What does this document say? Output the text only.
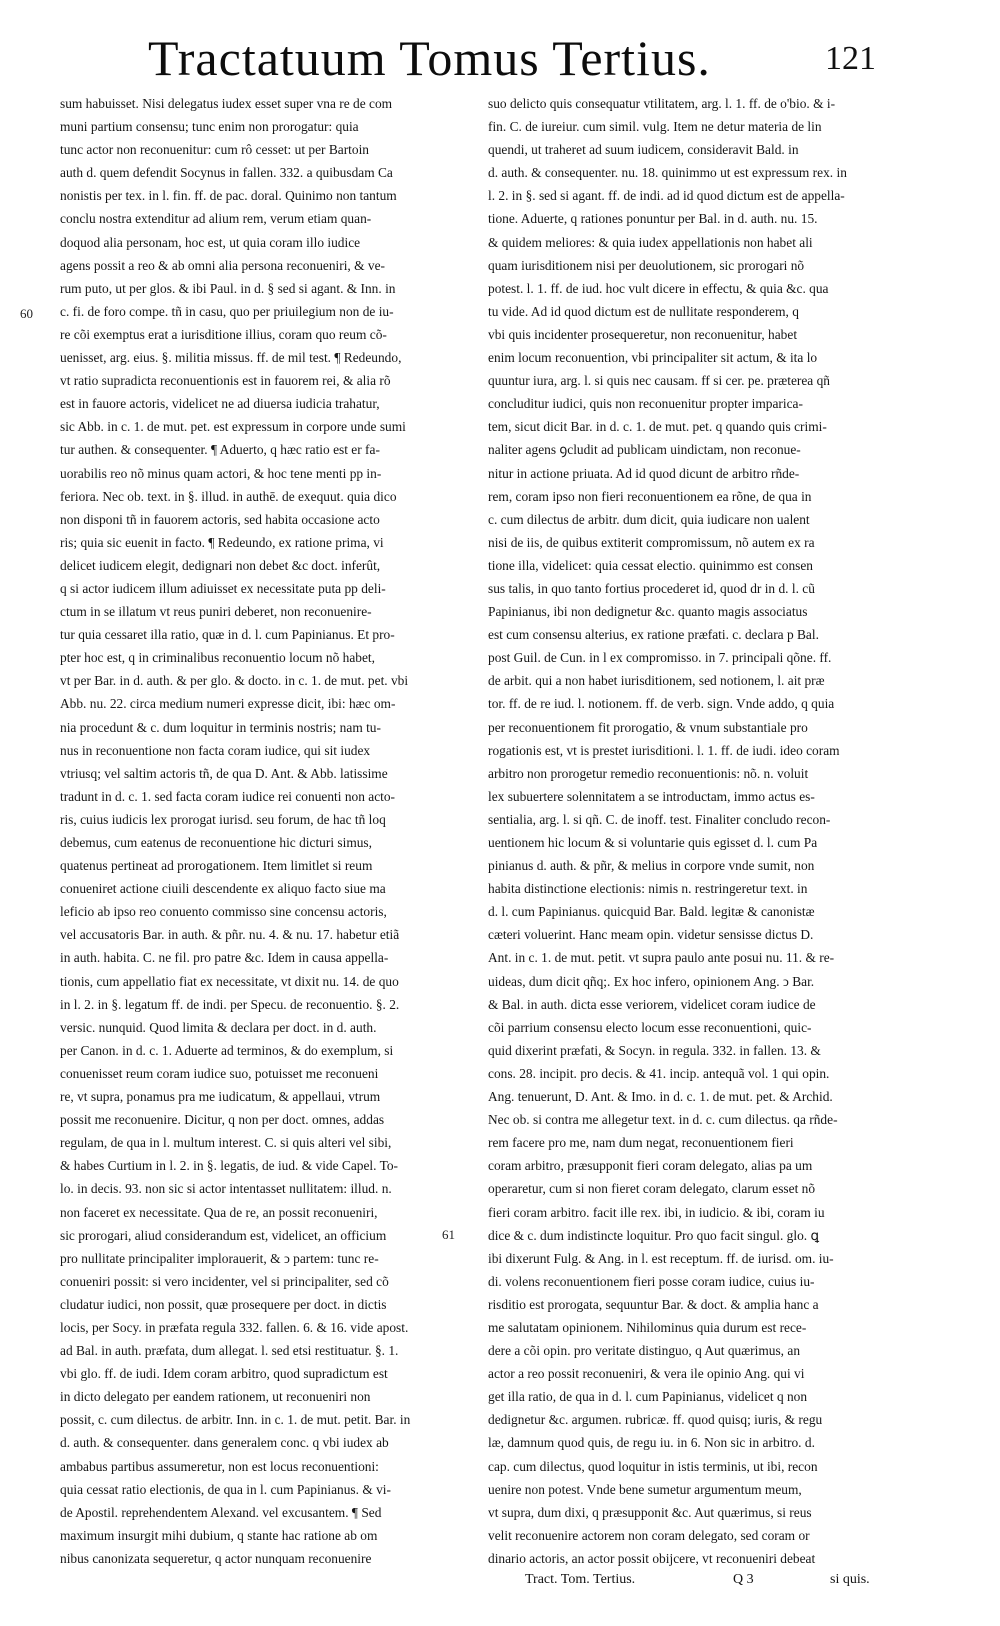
Tractatuum Tomus Tertius.	121
60
61
sum habuisset. Nisi delegatus iudex esset super vna re de com
muni partium consensu; tunc enim non prorogatur: quia
tunc actor non reconuenitur: cum rô cesset: ut per Bartoin
auth d. quem defendit Socynus in fallen. 332. a quibusdam Ca
nonistis per tex. in l. fin. ff. de pac. doral. Quinimo non tantum
conclu nostra extenditur ad alium rem, verum etiam quan-
doquod alia personam, hoc est, ut quia coram illo iudice
agens possit a reo & ab omni alia persona reconueniri, & ve-
rum puto, ut per glos. & ibi Paul. in d. § sed si agant. & Inn. in
c. fi. de foro compe. tñ in casu, quo per priuilegium non de iu-
re cõi exemptus erat a iurisditione illius, coram quo reum cõ-
uenisset, arg. eius. §. militia missus. ff. de mil test. ¶ Redeundo,
vt ratio supradicta reconuentionis est in fauorem rei, & alia rõ
est in fauore actoris, videlicet ne ad diuersa iudicia trahatur,
sic Abb. in c. 1. de mut. pet. est expressum in corpore unde sumi
tur authen. & consequenter. ¶ Aduerto, q hæc ratio est er fa-
uorabilis reo nõ minus quam actori, & hoc tene menti pp in-
feriora. Nec ob. text. in §. illud. in authē. de exequut. quia dico
non disponi tñ in fauorem actoris, sed habita occasione acto
ris; quia sic euenit in facto. ¶ Redeundo, ex ratione prima, vi
delicet iudicem elegit, dedignari non debet &c doct. inferût,
q si actor iudicem illum adiuisset ex necessitate puta pp deli-
ctum in se illatum vt reus puniri deberet, non reconuenire-
tur quia cessaret illa ratio, quæ in d. l. cum Papinianus. Et pro-
pter hoc est, q in criminalibus reconuentio locum nõ habet,
vt per Bar. in d. auth. & per glo. & docto. in c. 1. de mut. pet. vbi
Abb. nu. 22. circa medium numeri expresse dicit, ibi: hæc om-
nia procedunt & c. dum loquitur in terminis nostris; nam tu-
nus in reconuentione non facta coram iudice, qui sit iudex
vtriusq; vel saltim actoris tñ, de qua D. Ant. & Abb. latissime
tradunt in d. c. 1. sed facta coram iudice rei conuenti non acto-
ris, cuius iudicis lex prorogat iurisd. seu forum, de hac tñ loq
debemus, cum eatenus de reconuentione hic dicturi simus,
quatenus pertineat ad prorogationem. Item limitlet si reum
conueniret actione ciuili descendente ex aliquo facto siue ma
leficio ab ipso reo conuento commisso sine concensu actoris,
vel accusatoris Bar. in auth. & pñr. nu. 4. & nu. 17. habetur etiã
in auth. habita. C. ne fil. pro patre &c. Idem in causa appella-
tionis, cum appellatio fiat ex necessitate, vt dixit nu. 14. de quo
in l. 2. in §. legatum ff. de indi. per Specu. de reconuentio. §. 2.
versic. nunquid. Quod limita & declara per doct. in d. auth.
per Canon. in d. c. 1. Aduerte ad terminos, & do exemplum, si
conuenisset reum coram iudice suo, potuisset me reconueni
re, vt supra, ponamus pra me iudicatum, & appellaui, vtrum
possit me reconuenire. Dicitur, q non per doct. omnes, addas
regulam, de qua in l. multum interest. C. si quis alteri vel sibi,
& habes Curtium in l. 2. in §. legatis, de iud. & vide Capel. To-
lo. in decis. 93. non sic si actor intentasset nullitatem: illud. n.
non faceret ex necessitate. Qua de re, an possit reconueniri,
sic prorogari, aliud considerandum est, videlicet, an officium
pro nullitate principaliter implorauerit, & ͻ partem: tunc re-
conueniri possit: si vero incidenter, vel si principaliter, sed cõ
cludatur iudici, non possit, quæ prosequere per doct. in dictis
locis, per Socy. in præfata regula 332. fallen. 6. & 16. vide apost.
ad Bal. in auth. præfata, dum allegat. l. sed etsi restituatur. §. 1.
vbi glo. ff. de iudi. Idem coram arbitro, quod supradictum est
in dicto delegato per eandem rationem, ut reconueniri non
possit, c. cum dilectus. de arbitr. Inn. in c. 1. de mut. petit. Bar. in
d. auth. & consequenter. dans generalem conc. q vbi iudex ab
ambabus partibus assumeretur, non est locus reconuentioni:
quia cessat ratio electionis, de qua in l. cum Papinianus. & vi-
de Apostil. reprehendentem Alexand. vel excusantem. ¶ Sed
maximum insurgit mihi dubium, q stante hac ratione ab om
nibus canonizata sequeretur, q actor nunquam reconuenire
suo delicto quis consequatur vtilitatem, arg. l. 1. ff. de o'bio. & i-
fin. C. de iureiur. cum simil. vulg. Item ne detur materia de lin
quendi, ut traheret ad suum iudicem, consideravit Bald. in
d. auth. & consequenter. nu. 18. quinimmo ut est expressum rex. in
l. 2. in §. sed si agant. ff. de indi. ad id quod dictum est de appella-
tione. Aduerte, q rationes ponuntur per Bal. in d. auth. nu. 15.
& quidem meliores: & quia iudex appellationis non habet ali
quam iurisditionem nisi per deuolutionem, sic prorogari nõ
potest. l. 1. ff. de iud. hoc vult dicere in effectu, & quia &c. qua
tu vide. Ad id quod dictum est de nullitate responderem, q
vbi quis incidenter prosequeretur, non reconuenitur, habet
enim locum reconuention, vbi principaliter sit actum, & ita lo
quuntur iura, arg. l. si quis nec causam. ff si cer. pe. præterea qñ
concluditur iudici, quis non reconuenitur propter imparica-
tem, sicut dicit Bar. in d. c. 1. de mut. pet. q quando quis crimi-
naliter agens ꝯcludit ad publicam uindictam, non reconue-
nitur in actione priuata. Ad id quod dicunt de arbitro rñde-
rem, coram ipso non fieri reconuentionem ea rõne, de qua in
c. cum dilectus de arbitr. dum dicit, quia iudicare non ualent
nisi de iis, de quibus extiterit compromissum, nõ autem ex ra
tione illa, videlicet: quia cessat electio. quinimmo est consen
sus talis, in quo tanto fortius procederet id, quod dr in d. l. cũ
Papinianus, ibi non dedignetur &c. quanto magis associatus
est cum consensu alterius, ex ratione præfati. c. declara p Bal.
post Guil. de Cun. in l ex compromisso. in 7. principali qõne. ff.
de arbit. qui a non habet iurisditionem, sed notionem, l. ait præ
tor. ff. de re iud. l. notionem. ff. de verb. sign. Vnde addo, q quia
per reconuentionem fit prorogatio, & vnum substantiale pro
rogationis est, vt is prestet iurisditioni. l. 1. ff. de iudi. ideo coram
arbitro non prorogetur remedio reconuentionis: nõ. n. voluit
lex subuertere solennitatem a se introductam, immo actus es-
sentialia, arg. l. si qñ. C. de inoff. test. Finaliter concludo recon-
uentionem hic locum & si voluntarie quis egisset d. l. cum Pa
pinianus d. auth. & pñr, & melius in corpore vnde sumit, non
habita distinctione electionis: nimis n. restringeretur text. in
d. l. cum Papinianus. quicquid Bar. Bald. legitæ & canonistæ
cæteri voluerint. Hanc meam opin. videtur sensisse dictus D.
Ant. in c. 1. de mut. petit. vt supra paulo ante posui nu. 11. & re-
uideas, dum dicit qñq;. Ex hoc infero, opinionem Ang. ͻ Bar.
& Bal. in auth. dicta esse veriorem, videlicet coram iudice de
cõi parrium consensu electo locum esse reconuentioni, quic-
quid dixerint præfati, & Socyn. in regula. 332. in fallen. 13. &
cons. 28. incipit. pro decis. & 41. incip. antequã vol. 1 qui opin.
Ang. tenuerunt, D. Ant. & Imo. in d. c. 1. de mut. pet. & Archid.
Nec ob. si contra me allegetur text. in d. c. cum dilectus. qa rñde-
rem facere pro me, nam dum negat, reconuentionem fieri
coram arbitro, præsupponit fieri coram delegato, alias pa um
operaretur, cum si non fieret coram delegato, clarum esset nõ
fieri coram arbitro. facit ille rex. ibi, in iudicio. & ibi, coram iu
dice & c. dum indistincte loquitur. Pro quo facit singul. glo. ꝗ
ibi dixerunt Fulg. & Ang. in l. est receptum. ff. de iurisd. om. iu-
di. volens reconuentionem fieri posse coram iudice, cuius iu-
risditio est prorogata, sequuntur Bar. & doct. & amplia hanc a
me salutatam opinionem. Nihilominus quia durum est rece-
dere a cõi opin. pro veritate distinguo, q Aut quærimus, an
actor a reo possit reconueniri, & vera ile opinio Ang. qui vi
get illa ratio, de qua in d. l. cum Papinianus, videlicet q non
dedignetur &c. argumen. rubricæ. ff. quod quisq; iuris, & regu
læ, damnum quod quis, de regu iu. in 6. Non sic in arbitro. d.
cap. cum dilectus, quod loquitur in istis terminis, ut ibi, recon
uenire non potest. Vnde bene sumetur argumentum meum,
vt supra, dum dixi, q præsupponit &c. Aut quærimus, si reus
velit reconuenire actorem non coram delegato, sed coram or
dinario actoris, an actor possit obijcere, vt reconueniri debeat
Tract. Tom. Tertius.	Q 3	si quis.
